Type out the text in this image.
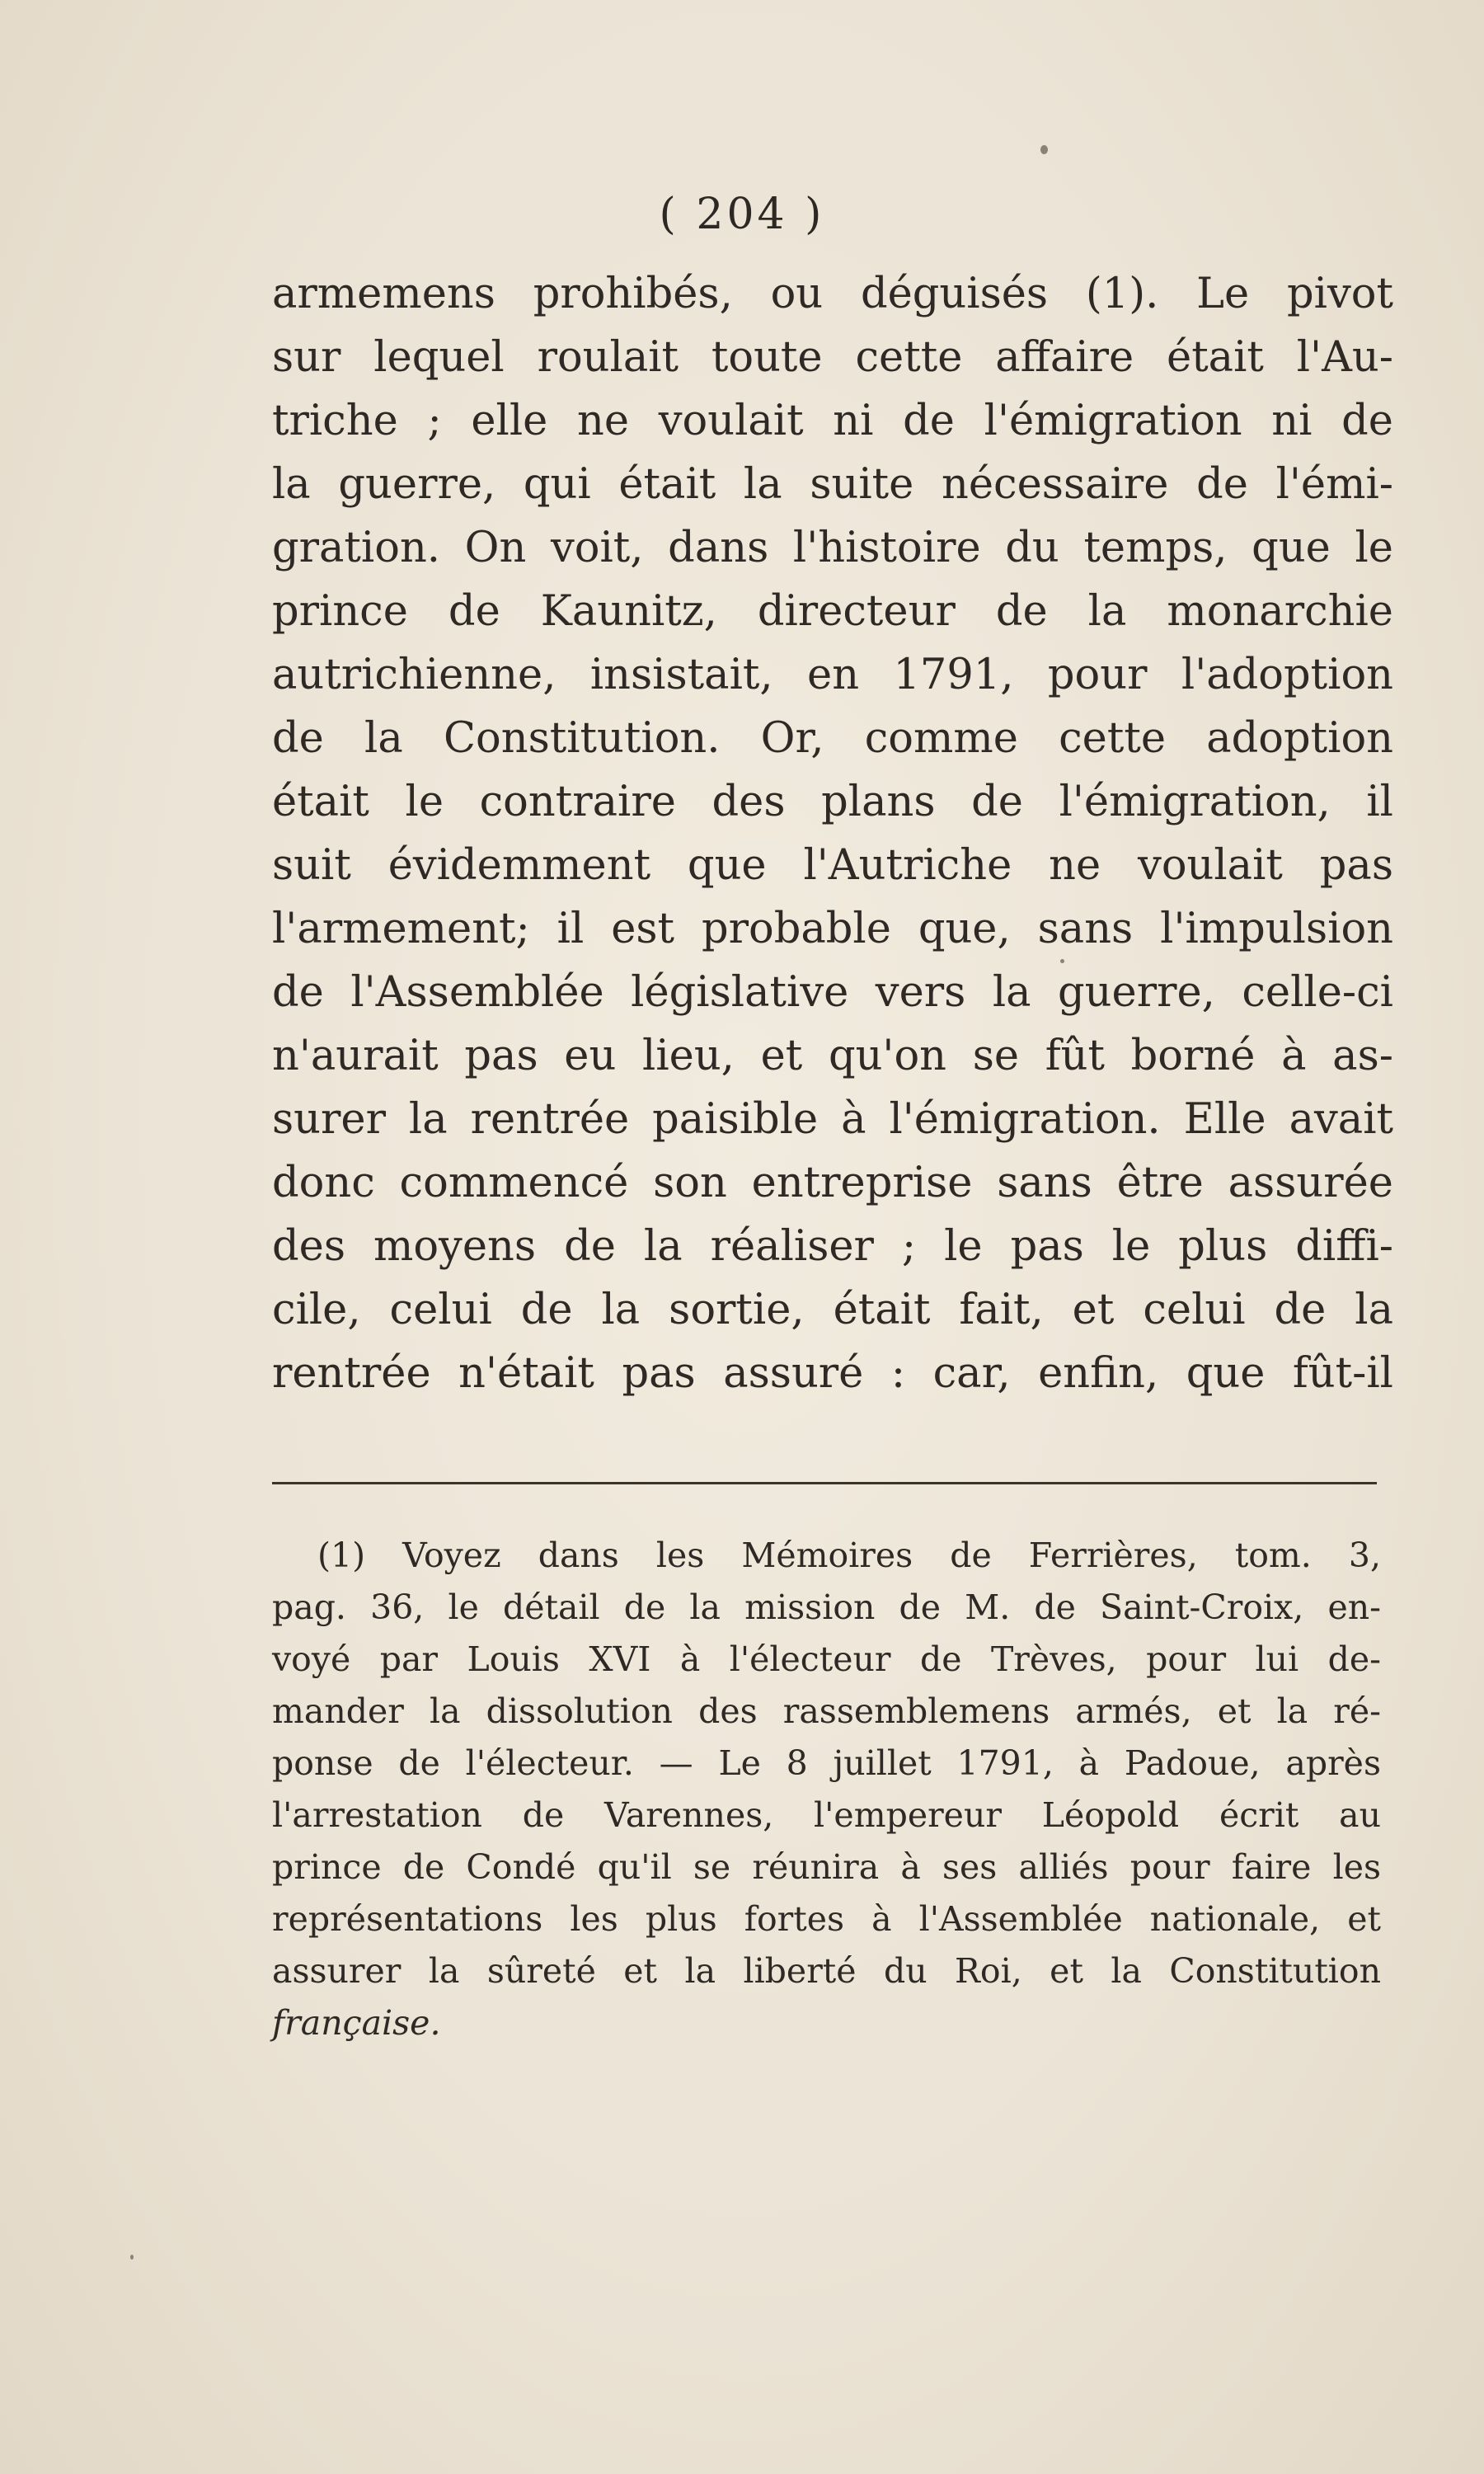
( 204 )
armemens prohibés, ou déguisés (1). Le pivot
sur lequel roulait toute cette affaire était l'Au-
triche ; elle ne voulait ni de l'émigration ni de
la guerre, qui était la suite nécessaire de l'émi-
gration. On voit, dans l'histoire du temps, que le
prince de Kaunitz, directeur de la monarchie
autrichienne, insistait, en 1791, pour l'adoption
de la Constitution. Or, comme cette adoption
était le contraire des plans de l'émigration, il
suit évidemment que l'Autriche ne voulait pas
l'armement; il est probable que, sans l'impulsion
de l'Assemblée législative vers la guerre, celle-ci
n'aurait pas eu lieu, et qu'on se fût borné à as-
surer la rentrée paisible à l'émigration. Elle avait
donc commencé son entreprise sans être assurée
des moyens de la réaliser ; le pas le plus diffi-
cile, celui de la sortie, était fait, et celui de la
rentrée n'était pas assuré : car, enfin, que fût-il
(1) Voyez dans les Mémoires de Ferrières, tom. 3,
pag. 36, le détail de la mission de M. de Saint-Croix, en-
voyé par Louis XVI à l'électeur de Trèves, pour lui de-
mander la dissolution des rassemblemens armés, et la ré-
ponse de l'électeur. — Le 8 juillet 1791, à Padoue, après
l'arrestation de Varennes, l'empereur Léopold écrit au
prince de Condé qu'il se réunira à ses alliés pour faire les
représentations les plus fortes à l'Assemblée nationale, et
assurer la sûreté et la liberté du Roi, et la Constitution
française.
